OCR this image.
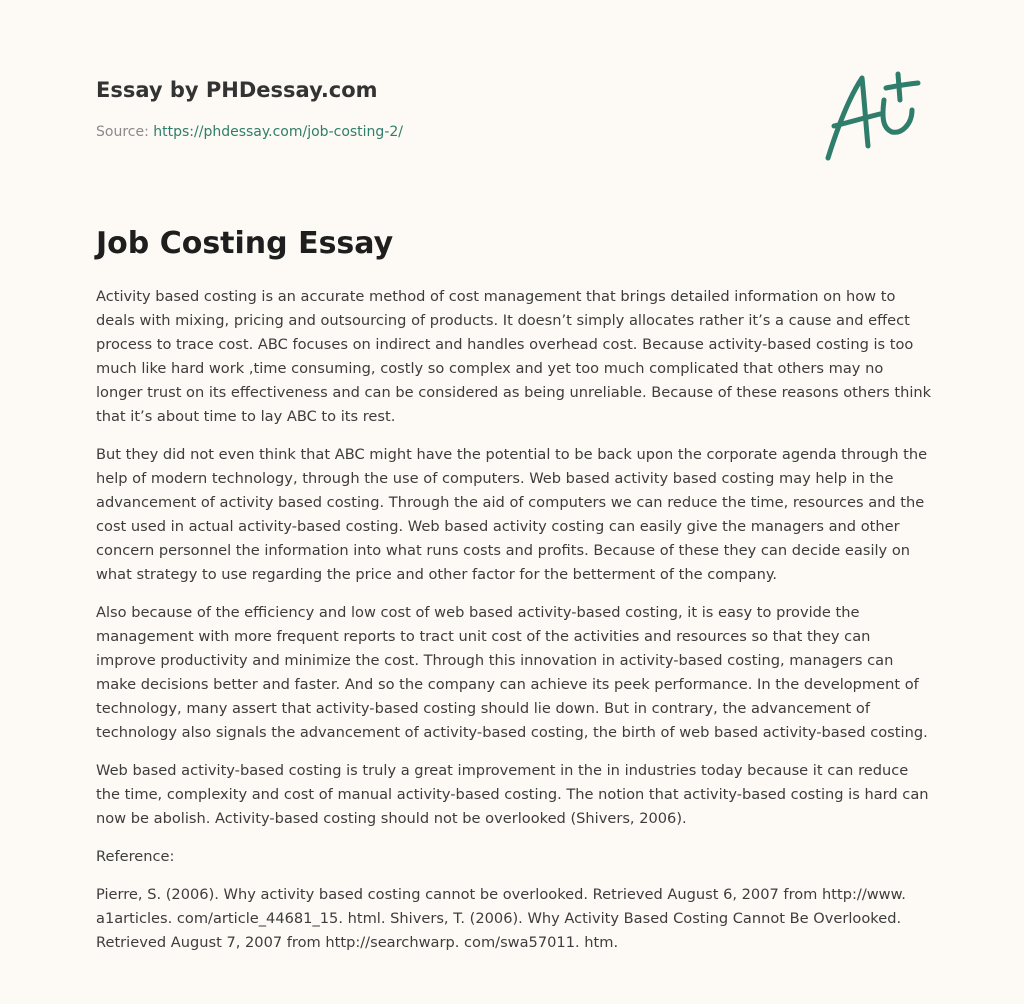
Essay by PHDessay.com
Source: https://phdessay.com/job-costing-2/
Job Costing Essay

Activity based costing is an accurate method of cost management that brings detailed information on how to deals with mixing, pricing and outsourcing of products. It doesn’t simply allocates rather it’s a cause and effect process to trace cost. ABC focuses on indirect and handles overhead cost. Because activity-based costing is too much like hard work ,time consuming, costly so complex and yet too much complicated that others may no longer trust on its effectiveness and can be considered as being unreliable. Because of these reasons others think that it’s about time to lay ABC to its rest.

But they did not even think that ABC might have the potential to be back upon the corporate agenda through the help of modern technology, through the use of computers. Web based activity based costing may help in the advancement of activity based costing. Through the aid of computers we can reduce the time, resources and the cost used in actual activity-based costing. Web based activity costing can easily give the managers and other concern personnel the information into what runs costs and profits. Because of these they can decide easily on what strategy to use regarding the price and other factor for the betterment of the company.

Also because of the efficiency and low cost of web based activity-based costing, it is easy to provide the management with more frequent reports to tract unit cost of the activities and resources so that they can improve productivity and minimize the cost. Through this innovation in activity-based costing, managers can make decisions better and faster. And so the company can achieve its peek performance. In the development of technology, many assert that activity-based costing should lie down. But in contrary, the advancement of technology also signals the advancement of activity-based costing, the birth of web based activity-based costing.

Web based activity-based costing is truly a great improvement in the in industries today because it can reduce the time, complexity and cost of manual activity-based costing. The notion that activity-based costing is hard can now be abolish. Activity-based costing should not be overlooked (Shivers, 2006).

Reference:

Pierre, S. (2006). Why activity based costing cannot be overlooked. Retrieved August 6, 2007 from http://www. a1articles. com/article_44681_15. html. Shivers, T. (2006). Why Activity Based Costing Cannot Be Overlooked. Retrieved August 7, 2007 from http://searchwarp. com/swa57011. htm.
